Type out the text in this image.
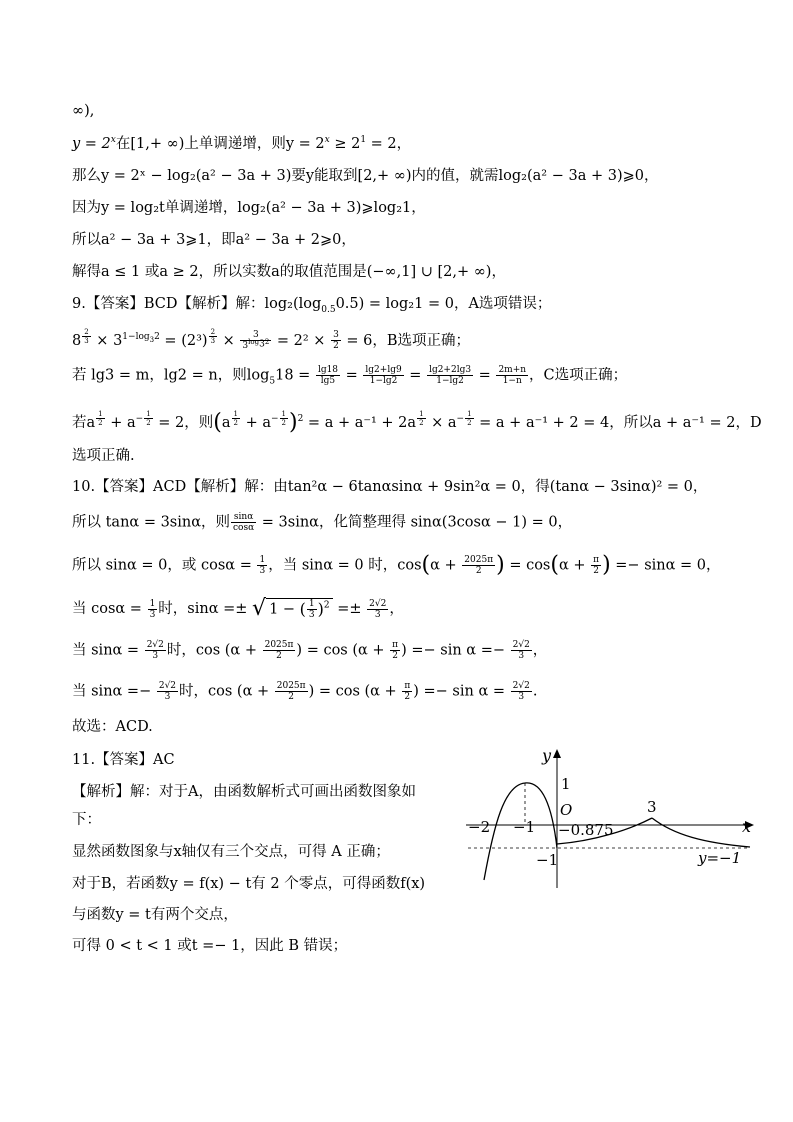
∞),
$y = 2^x$在[1,+ ∞)上单调递增，则$y = 2^x \ge 2^1 = 2$，
那么y = 2ˣ − log₂(a² − 3a + 3)要y能取到[2,+ ∞)内的值，就需log₂(a² − 3a + 3)⩾0，
因为y = log₂t单调递增，log₂(a² − 3a + 3)⩾log₂1，
所以a² − 3a + 3⩾1，即a² − 3a + 2⩾0，
解得a ≤ 1 或a ≥ 2，所以实数a的取值范围是(−∞,1] ∪ [2,+ ∞)，
9.【答案】BCD【解析】解：$\log_2(\log_{0.5}0.5) = \log_21 = 0$，A选项错误；
8 $^{\frac{2}{3}} \times 3^{1-log_32} = (2^3) ^{\frac{2}{3}} \times \frac{3}{3^{log_32}} = 2^2 \times \frac{3}{2} = 6$，B选项正确；
若 lg3 = m，lg2 = n，则$\log_518 = \frac{\lg 18}{\lg 5} = \frac{\lg 2+\lg 9}{1-\lg 2} = \frac{\lg 2+2\lg 3}{1-\lg 2} = \frac{2m+n}{1-n}$ ，C选项正确；
若a $^{\frac{1}{2}} + a^{- \frac{1}{2}} = 2$，则(a $^{\frac{1}{2}} + a^{- \frac{1}{2}}$ )$^2$ = a + a⁻¹ + 2a $^{\frac{1}{2}} \times a^{- \frac{1}{2}} = a + a^{-1} + 2 = 4$，所以a + a⁻¹ = 2，D
选项正确.
10.【答案】ACD【解析】解：由tan²α − 6tanαsinα + 9sin²α = 0，得(tanα − 3sinα)² = 0，
所以 tanα = 3sinα，则 $\frac{\sin\alpha}{\cos\alpha} = 3\sin\alpha$，化简整理得 sinα(3cosα − 1) = 0，
所以 sinα = 0，或 $\cos\alpha = \frac{1}{3}$ ，当 sinα = 0 时，$\cos(\alpha + \frac{2025\pi}{2}$ ) = $\cos(\alpha + \frac{\pi}{2}$ ) =− sinα = 0，
当 $\cos\alpha = \frac{1}{3}$ 时，sinα =± √ 1 − ( $\frac{1}{3} )^2 =\pm \frac{2√2}{3}$ ，
当 $\sin\alpha = \frac{2√2}{3}$ 时，$\cos (\alpha + \frac{2025\pi}{2}$ ) = $\cos (\alpha + \frac{\pi}{2}$ ) =− $\sin \alpha =- \frac{2√2}{3}$ ，
当 $\sin\alpha =- \frac{2√2}{3}$ 时，$\cos (\alpha + \frac{2025\pi}{2}$ ) = $\cos (\alpha + \frac{\pi}{2}$ ) =− $\sin \alpha = \frac{2√2}{3}$ .
故选：ACD.
11.【答案】AC
【解析】解：对于A，由函数解析式可画出函数图象如
下：
显然函数图象与x轴仅有三个交点，可得 A 正确；
对于B，若函数y = f(x) − t有 2 个零点，可得函数f(x)
与函数y = t有两个交点，
可得 0 < t < 1 或t =− 1，因此 B 错误；
y
x
O
1
3
−2 −1 −0.875
−1	y=−1
